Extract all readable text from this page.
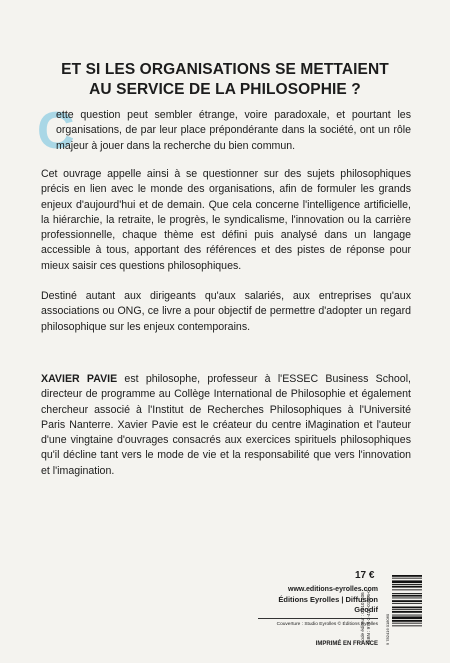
ET SI LES ORGANISATIONS SE METTAIENT
AU SERVICE DE LA PHILOSOPHIE ?
C

ette question peut sembler étrange, voire paradoxale, et pourtant les organisations, de par leur place prépondérante dans la société, ont un rôle majeur à jouer dans la recherche du bien commun.

Cet ouvrage appelle ainsi à se questionner sur des sujets philosophiques précis en lien avec le monde des organisations, afin de formuler les grands enjeux d'aujourd'hui et de demain. Que cela concerne l'intelligence artificielle, la hiérarchie, la retraite, le progrès, le syndicalisme, l'innovation ou la carrière professionnelle, chaque thème est défini puis analysé dans un langage accessible à tous, apportant des références et des pistes de réponse pour mieux saisir ces questions philosophiques.

Destiné autant aux dirigeants qu'aux salariés, aux entreprises qu'aux associations ou ONG, ce livre a pour objectif de permettre d'adopter un regard philosophique sur les enjeux contemporains.

XAVIER PAVIE est philosophe, professeur à l'ESSEC Business School, directeur de programme au Collège International de Philosophie et également chercheur associé à l'Institut de Recherches Philosophiques à l'Université Paris Nanterre. Xavier Pavie est le créateur du centre iMagination et l'auteur d'une vingtaine d'ouvrages consacrés aux exercices spirituels philosophiques qu'il décline tant vers le mode de vie et la responsabilité que vers l'innovation et l'imagination.

17 €
www.editions-eyrolles.com
Éditions Eyrolles | Diffusion Geodif
Couverture : Studio Eyrolles © Éditions Eyrolles
IMPRIMÉ EN FRANCE
Code éditeur : G0101806 ISBN : 978-2-416-01806-0	9 782416 018060
